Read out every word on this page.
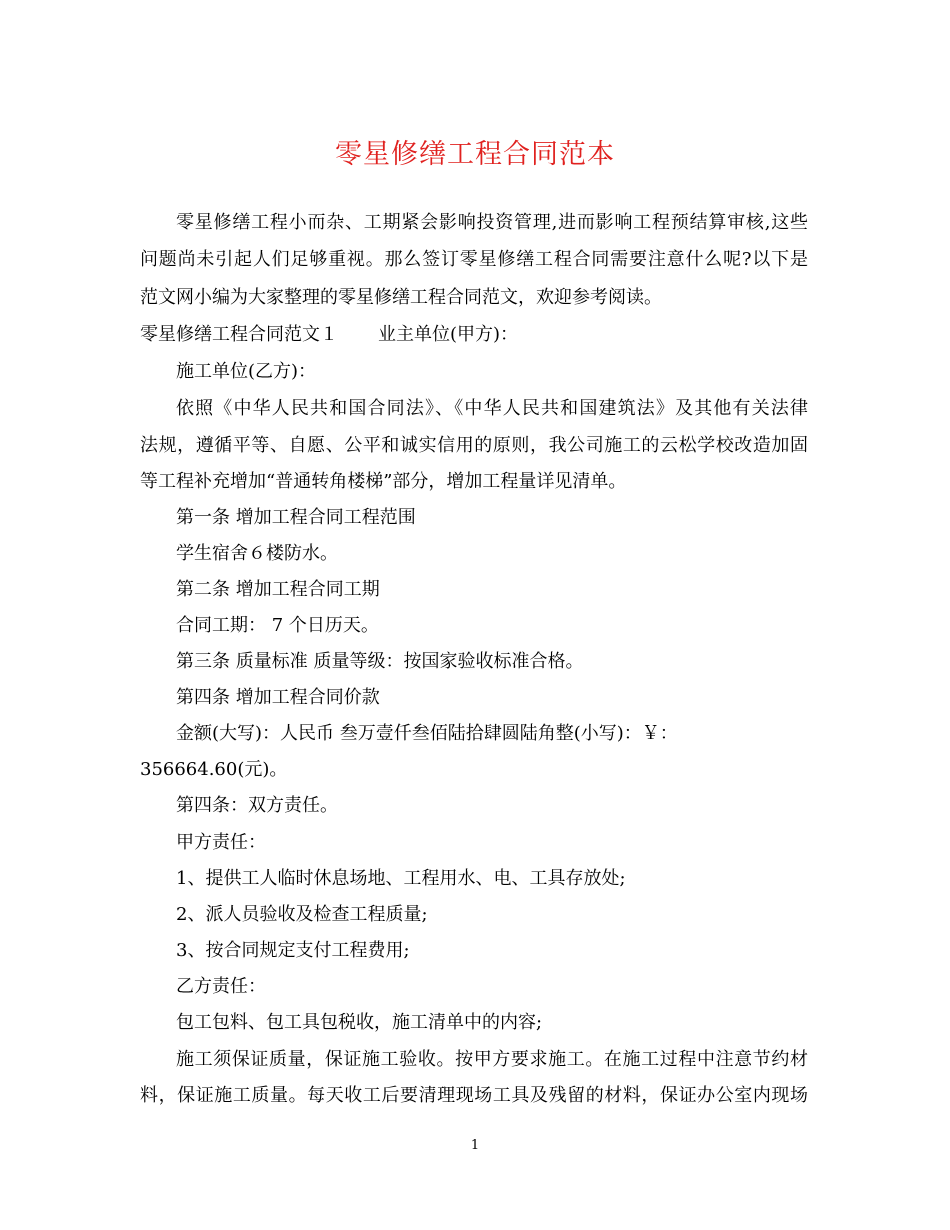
零星修缮工程合同范本
零星修缮工程小而杂、工期紧会影响投资管理,进而影响工程预结算审核,这些
问题尚未引起人们足够重视。那么签订零星修缮工程合同需要注意什么呢?以下是
范文网小编为大家整理的零星修缮工程合同范文，欢迎参考阅读。
零星修缮工程合同范文１ 业主单位(甲方)：
施工单位(乙方)：
依照《中华人民共和国合同法》、《中华人民共和国建筑法》及其他有关法律
法规，遵循平等、自愿、公平和诚实信用的原则，我公司施工的云松学校改造加固
等工程补充增加“普通转角楼梯”部分，增加工程量详见清单。
第一条 增加工程合同工程范围
学生宿舍６楼防水。
第二条 增加工程合同工期
合同工期： 7 个日历天。
第三条 质量标准 质量等级：按国家验收标准合格。
第四条 增加工程合同价款
金额(大写)：人民币 叁万壹仟叁佰陆拾肆圆陆角整(小写)：￥：
356664.60(元)。
第四条：双方责任。
甲方责任：
1、提供工人临时休息场地、工程用水、电、工具存放处;
2、派人员验收及检查工程质量;
3、按合同规定支付工程费用;
乙方责任：
包工包料、包工具包税收，施工清单中的内容;
施工须保证质量，保证施工验收。按甲方要求施工。在施工过程中注意节约材
料，保证施工质量。每天收工后要清理现场工具及残留的材料，保证办公室内现场
1
